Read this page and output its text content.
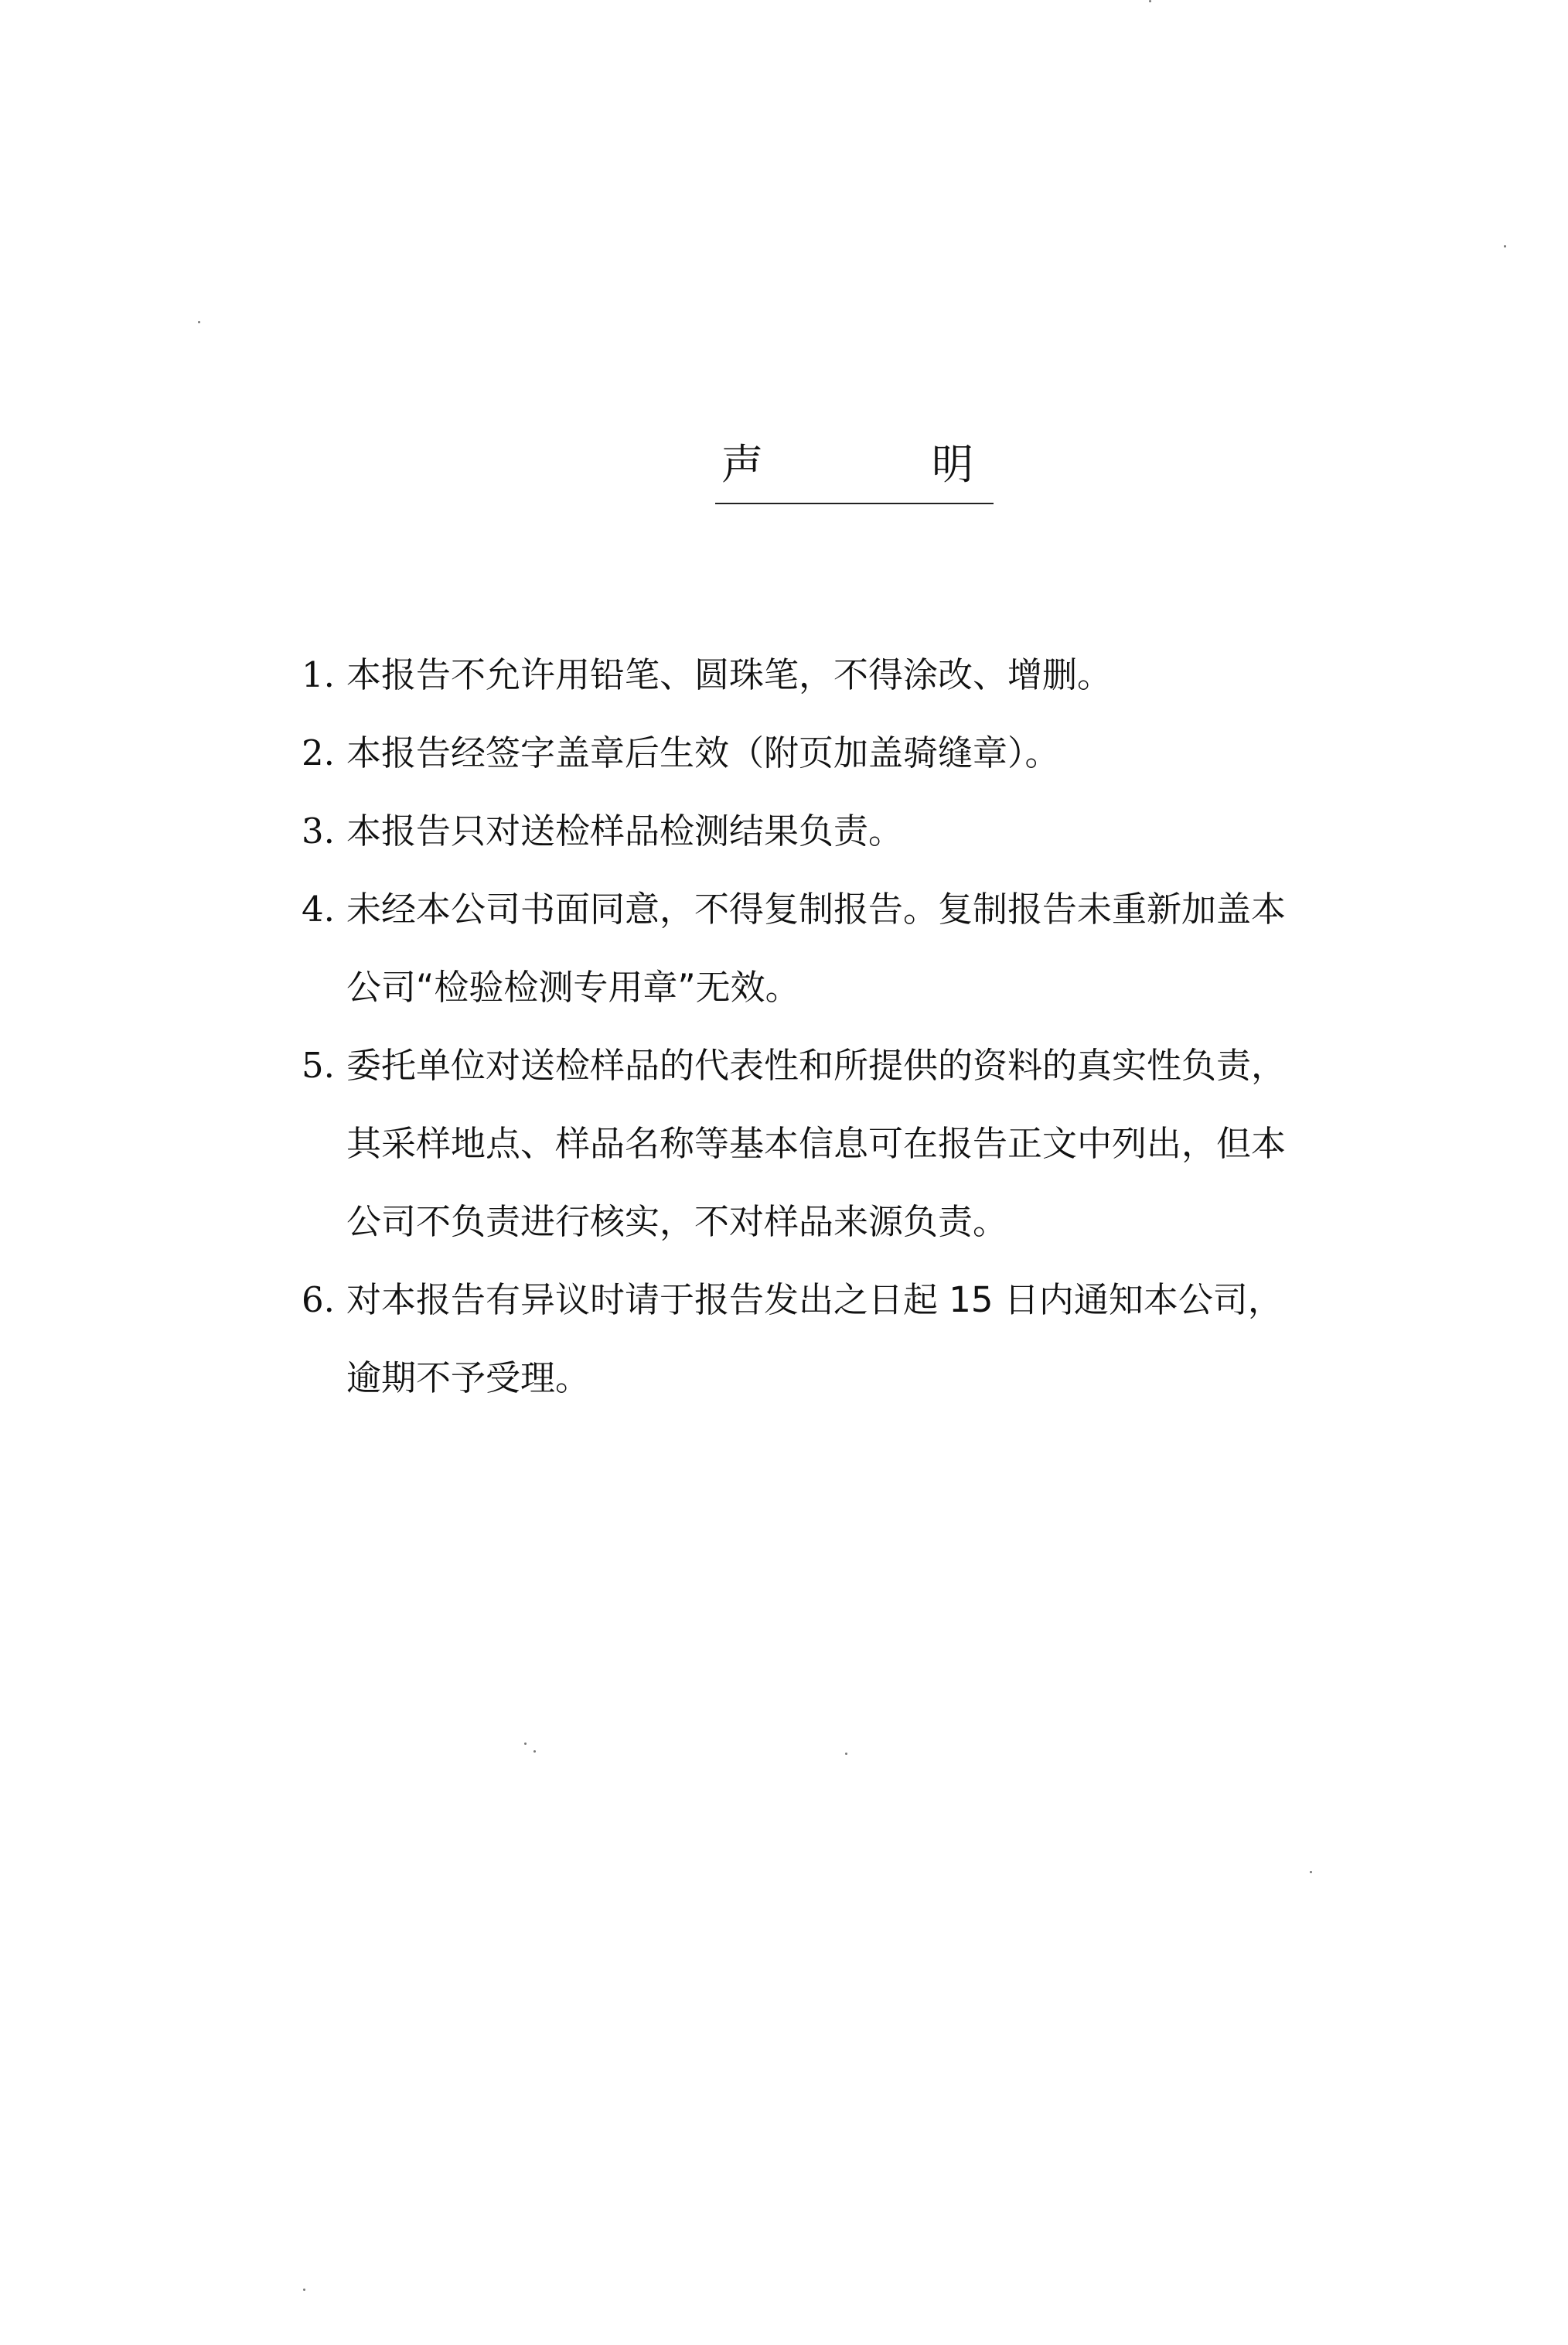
声	明
1. 本报告不允许用铅笔、圆珠笔，不得涂改、增删。
2. 本报告经签字盖章后生效（附页加盖骑缝章）。
3. 本报告只对送检样品检测结果负责。
4. 未经本公司书面同意，不得复制报告。复制报告未重新加盖本
公司“检验检测专用章”无效。
5. 委托单位对送检样品的代表性和所提供的资料的真实性负责，
其采样地点、样品名称等基本信息可在报告正文中列出，但本
公司不负责进行核实，不对样品来源负责。
6. 对本报告有异议时请于报告发出之日起 15 日内通知本公司，
逾期不予受理。
